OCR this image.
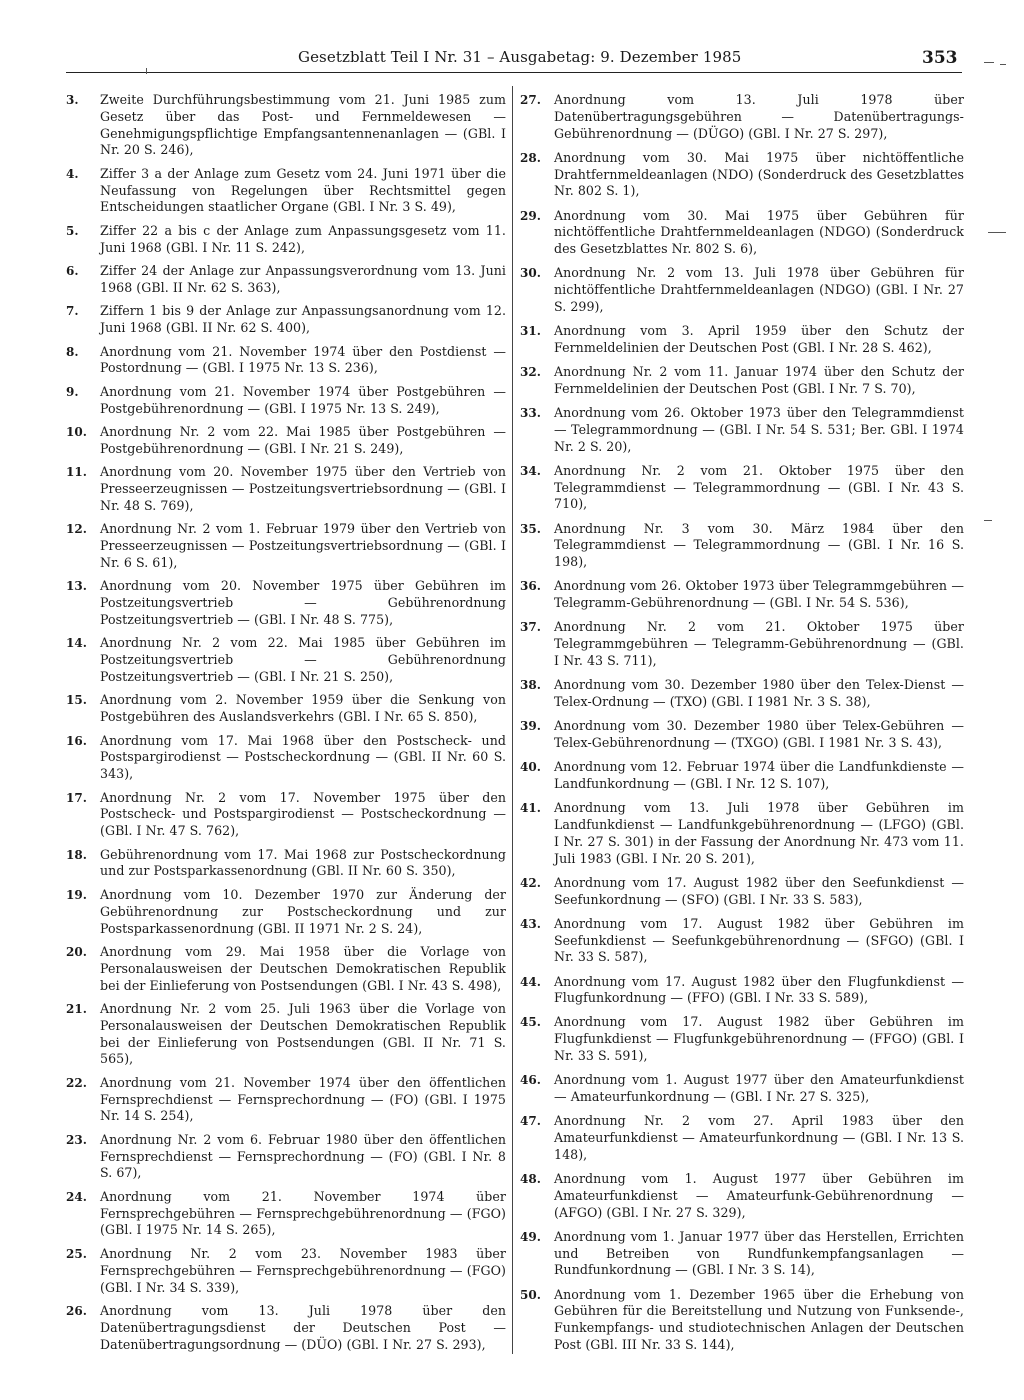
Gesetzblatt Teil I Nr. 31 – Ausgabetag: 9. Dezember 1985	353
3.	Zweite Durchführungsbestimmung vom 21. Juni 1985 zum Gesetz über das Post- und Fernmeldewesen — Genehmigungspflichtige Empfangsantennenanlagen — (GBl. I Nr. 20 S. 246),
4.	Ziffer 3 a der Anlage zum Gesetz vom 24. Juni 1971 über die Neufassung von Regelungen über Rechtsmittel gegen Entscheidungen staatlicher Organe (GBl. I Nr. 3 S. 49),
5.	Ziffer 22 a bis c der Anlage zum Anpassungsgesetz vom 11. Juni 1968 (GBl. I Nr. 11 S. 242),
6.	Ziffer 24 der Anlage zur Anpassungsverordnung vom 13. Juni 1968 (GBl. II Nr. 62 S. 363),
7.	Ziffern 1 bis 9 der Anlage zur Anpassungsanordnung vom 12. Juni 1968 (GBl. II Nr. 62 S. 400),
8.	Anordnung vom 21. November 1974 über den Postdienst — Postordnung — (GBl. I 1975 Nr. 13 S. 236),
9.	Anordnung vom 21. November 1974 über Postgebühren — Postgebührenordnung — (GBl. I 1975 Nr. 13 S. 249),
10.	Anordnung Nr. 2 vom 22. Mai 1985 über Postgebühren — Postgebührenordnung — (GBl. I Nr. 21 S. 249),
11.	Anordnung vom 20. November 1975 über den Vertrieb von Presseerzeugnissen — Postzeitungsvertriebsordnung — (GBl. I Nr. 48 S. 769),
12.	Anordnung Nr. 2 vom 1. Februar 1979 über den Vertrieb von Presseerzeugnissen — Postzeitungsvertriebsordnung — (GBl. I Nr. 6 S. 61),
13.	Anordnung vom 20. November 1975 über Gebühren im Postzeitungsvertrieb — Gebührenordnung Postzeitungsvertrieb — (GBl. I Nr. 48 S. 775),
14.	Anordnung Nr. 2 vom 22. Mai 1985 über Gebühren im Postzeitungsvertrieb — Gebührenordnung Postzeitungsvertrieb — (GBl. I Nr. 21 S. 250),
15.	Anordnung vom 2. November 1959 über die Senkung von Postgebühren des Auslandsverkehrs (GBl. I Nr. 65 S. 850),
16.	Anordnung vom 17. Mai 1968 über den Postscheck- und Postspargirodienst — Postscheckordnung — (GBl. II Nr. 60 S. 343),
17.	Anordnung Nr. 2 vom 17. November 1975 über den Postscheck- und Postspargirodienst — Postscheckordnung — (GBl. I Nr. 47 S. 762),
18.	Gebührenordnung vom 17. Mai 1968 zur Postscheckordnung und zur Postsparkassenordnung (GBl. II Nr. 60 S. 350),
19.	Anordnung vom 10. Dezember 1970 zur Änderung der Gebührenordnung zur Postscheckordnung und zur Postsparkassenordnung (GBl. II 1971 Nr. 2 S. 24),
20.	Anordnung vom 29. Mai 1958 über die Vorlage von Personalausweisen der Deutschen Demokratischen Republik bei der Einlieferung von Postsendungen (GBl. I Nr. 43 S. 498),
21.	Anordnung Nr. 2 vom 25. Juli 1963 über die Vorlage von Personalausweisen der Deutschen Demokratischen Republik bei der Einlieferung von Postsendungen (GBl. II Nr. 71 S. 565),
22.	Anordnung vom 21. November 1974 über den öffentlichen Fernsprechdienst — Fernsprechordnung — (FO) (GBl. I 1975 Nr. 14 S. 254),
23.	Anordnung Nr. 2 vom 6. Februar 1980 über den öffentlichen Fernsprechdienst — Fernsprechordnung — (FO) (GBl. I Nr. 8 S. 67),
24.	Anordnung vom 21. November 1974 über Fernsprechgebühren — Fernsprechgebührenordnung — (FGO) (GBl. I 1975 Nr. 14 S. 265),
25.	Anordnung Nr. 2 vom 23. November 1983 über Fernsprechgebühren — Fernsprechgebührenordnung — (FGO) (GBl. I Nr. 34 S. 339),
26.	Anordnung vom 13. Juli 1978 über den Datenübertragungsdienst der Deutschen Post — Datenübertragungsordnung — (DÜO) (GBl. I Nr. 27 S. 293),
27.	Anordnung vom 13. Juli 1978 über Datenübertragungsgebühren — Datenübertragungs-Gebührenordnung — (DÜGO) (GBl. I Nr. 27 S. 297),
28.	Anordnung vom 30. Mai 1975 über nichtöffentliche Drahtfernmeldeanlagen (NDO) (Sonderdruck des Gesetzblattes Nr. 802 S. 1),
29.	Anordnung vom 30. Mai 1975 über Gebühren für nichtöffentliche Drahtfernmeldeanlagen (NDGO) (Sonderdruck des Gesetzblattes Nr. 802 S. 6),
30.	Anordnung Nr. 2 vom 13. Juli 1978 über Gebühren für nichtöffentliche Drahtfernmeldeanlagen (NDGO) (GBl. I Nr. 27 S. 299),
31.	Anordnung vom 3. April 1959 über den Schutz der Fernmeldelinien der Deutschen Post (GBl. I Nr. 28 S. 462),
32.	Anordnung Nr. 2 vom 11. Januar 1974 über den Schutz der Fernmeldelinien der Deutschen Post (GBl. I Nr. 7 S. 70),
33.	Anordnung vom 26. Oktober 1973 über den Telegrammdienst — Telegrammordnung — (GBl. I Nr. 54 S. 531; Ber. GBl. I 1974 Nr. 2 S. 20),
34.	Anordnung Nr. 2 vom 21. Oktober 1975 über den Telegrammdienst — Telegrammordnung — (GBl. I Nr. 43 S. 710),
35.	Anordnung Nr. 3 vom 30. März 1984 über den Telegrammdienst — Telegrammordnung — (GBl. I Nr. 16 S. 198),
36.	Anordnung vom 26. Oktober 1973 über Telegrammgebühren — Telegramm-Gebührenordnung — (GBl. I Nr. 54 S. 536),
37.	Anordnung Nr. 2 vom 21. Oktober 1975 über Telegrammgebühren — Telegramm-Gebührenordnung — (GBl. I Nr. 43 S. 711),
38.	Anordnung vom 30. Dezember 1980 über den Telex-Dienst — Telex-Ordnung — (TXO) (GBl. I 1981 Nr. 3 S. 38),
39.	Anordnung vom 30. Dezember 1980 über Telex-Gebühren — Telex-Gebührenordnung — (TXGO) (GBl. I 1981 Nr. 3 S. 43),
40.	Anordnung vom 12. Februar 1974 über die Landfunkdienste — Landfunkordnung — (GBl. I Nr. 12 S. 107),
41.	Anordnung vom 13. Juli 1978 über Gebühren im Landfunkdienst — Landfunkgebührenordnung — (LFGO) (GBl. I Nr. 27 S. 301) in der Fassung der Anordnung Nr. 473 vom 11. Juli 1983 (GBl. I Nr. 20 S. 201),
42.	Anordnung vom 17. August 1982 über den Seefunkdienst — Seefunkordnung — (SFO) (GBl. I Nr. 33 S. 583),
43.	Anordnung vom 17. August 1982 über Gebühren im Seefunkdienst — Seefunkgebührenordnung — (SFGO) (GBl. I Nr. 33 S. 587),
44.	Anordnung vom 17. August 1982 über den Flugfunkdienst — Flugfunkordnung — (FFO) (GBl. I Nr. 33 S. 589),
45.	Anordnung vom 17. August 1982 über Gebühren im Flugfunkdienst — Flugfunkgebührenordnung — (FFGO) (GBl. I Nr. 33 S. 591),
46.	Anordnung vom 1. August 1977 über den Amateurfunkdienst — Amateurfunkordnung — (GBl. I Nr. 27 S. 325),
47.	Anordnung Nr. 2 vom 27. April 1983 über den Amateurfunkdienst — Amateurfunkordnung — (GBl. I Nr. 13 S. 148),
48.	Anordnung vom 1. August 1977 über Gebühren im Amateurfunkdienst — Amateurfunk-Gebührenordnung — (AFGO) (GBl. I Nr. 27 S. 329),
49.	Anordnung vom 1. Januar 1977 über das Herstellen, Errichten und Betreiben von Rundfunkempfangsanlagen — Rundfunkordnung — (GBl. I Nr. 3 S. 14),
50.	Anordnung vom 1. Dezember 1965 über die Erhebung von Gebühren für die Bereitstellung und Nutzung von Funksende-, Funkempfangs- und studiotechnischen Anlagen der Deutschen Post (GBl. III Nr. 33 S. 144),
